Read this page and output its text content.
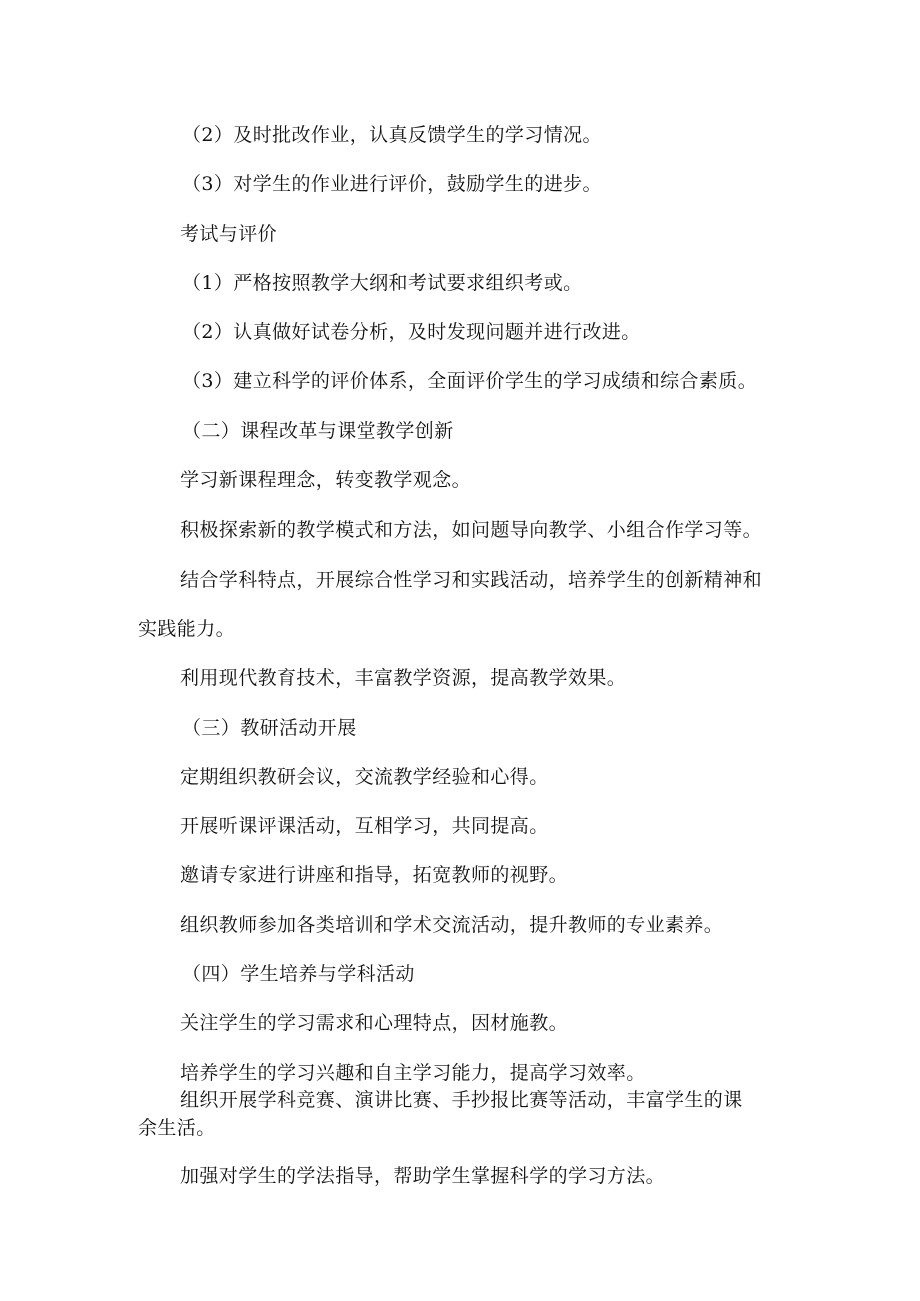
（2）及时批改作业，认真反馈学生的学习情况。

（3）对学生的作业进行评价，鼓励学生的进步。

考试与评价

（1）严格按照教学大纲和考试要求组织考或。

（2）认真做好试卷分析，及时发现问题并进行改进。

（3）建立科学的评价体系，全面评价学生的学习成绩和综合素质。

（二）课程改革与课堂教学创新

学习新课程理念，转变教学观念。

积极探索新的教学模式和方法，如问题导向教学、小组合作学习等。

结合学科特点，开展综合性学习和实践活动，培养学生的创新精神和

实践能力。

利用现代教育技术，丰富教学资源，提高教学效果。

（三）教研活动开展

定期组织教研会议，交流教学经验和心得。

开展听课评课活动，互相学习，共同提高。

邀请专家进行讲座和指导，拓宽教师的视野。

组织教师参加各类培训和学术交流活动，提升教师的专业素养。

（四）学生培养与学科活动

关注学生的学习需求和心理特点，因材施教。

培养学生的学习兴趣和自主学习能力，提高学习效率。

组织开展学科竞赛、演讲比赛、手抄报比赛等活动，丰富学生的课

余生活。

加强对学生的学法指导，帮助学生掌握科学的学习方法。
